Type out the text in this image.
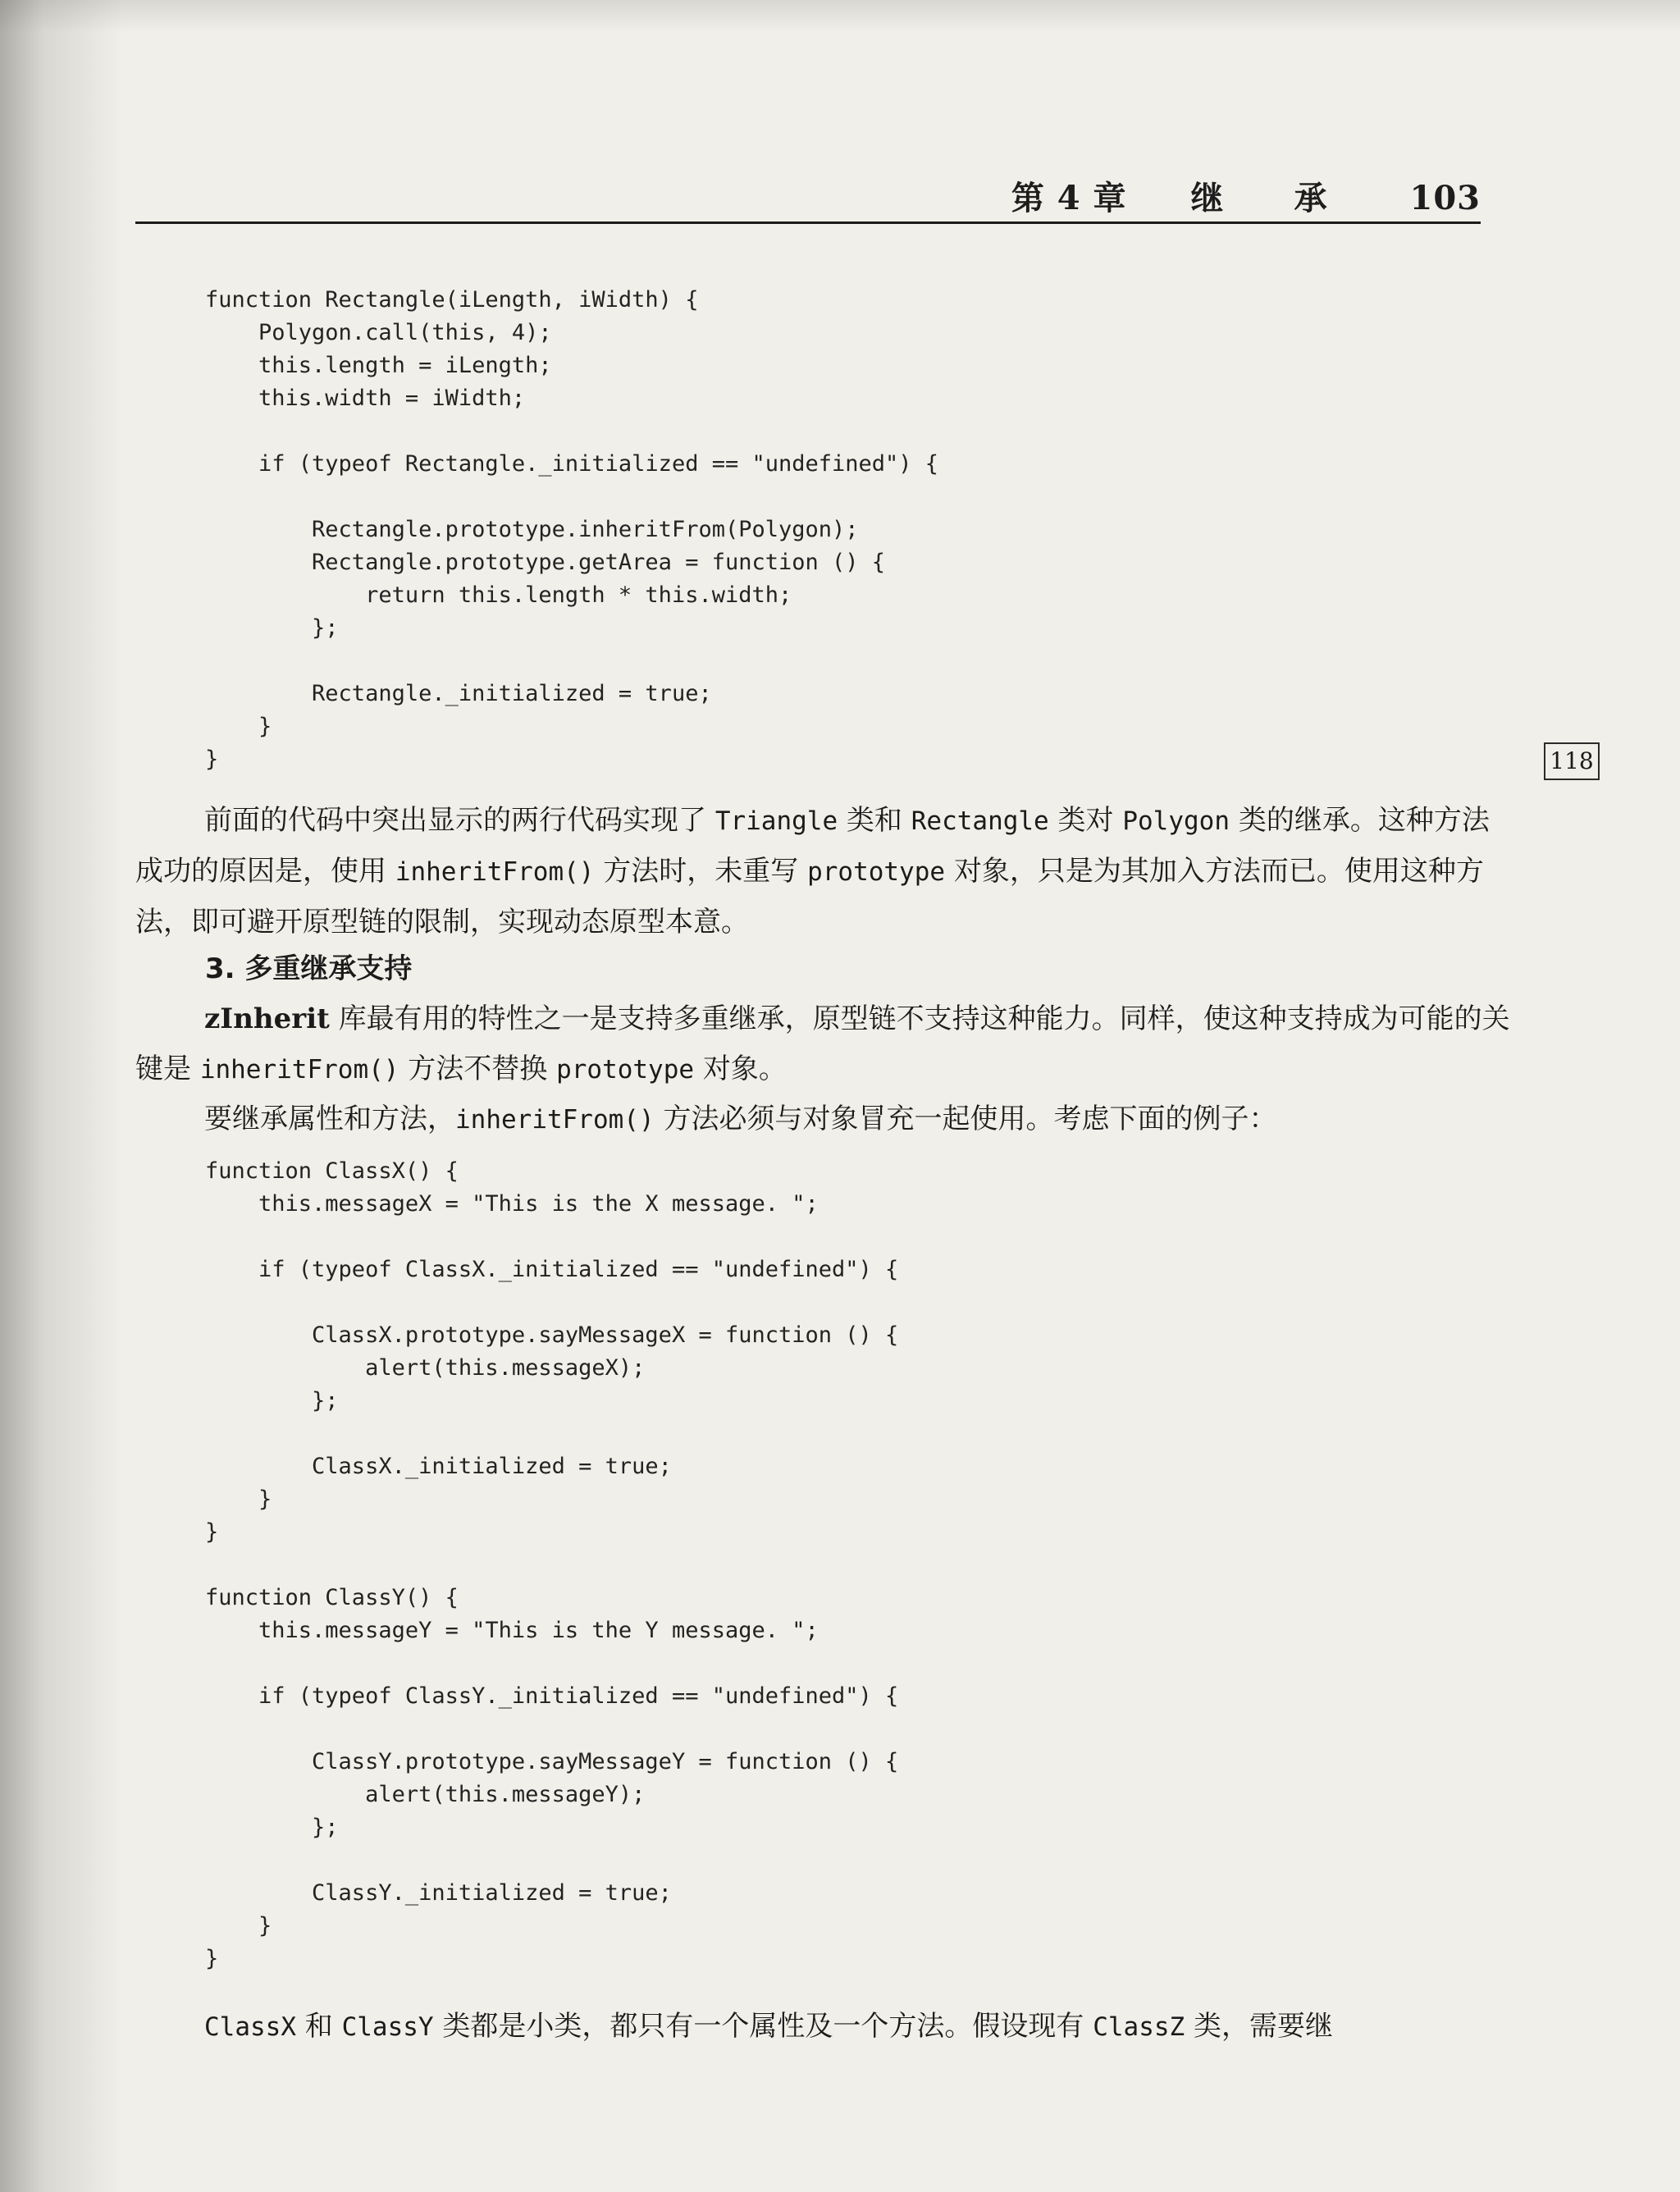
第 4 章 继 承	103
118
function Rectangle(iLength, iWidth) {
Polygon.call(this, 4);
this.length = iLength;
this.width = iWidth;
if (typeof Rectangle._initialized == "undefined") {
Rectangle.prototype.inheritFrom(Polygon);
Rectangle.prototype.getArea = function () {
return this.length * this.width;
};
Rectangle._initialized = true;
}
}

前面的代码中突出显示的两行代码实现了 Triangle 类和 Rectangle 类对 Polygon 类的继承。这种方法成功的原因是，使用 inheritFrom() 方法时，未重写 prototype 对象，只是为其加入方法而已。使用这种方法，即可避开原型链的限制，实现动态原型本意。

3. 多重继承支持

zInherit 库最有用的特性之一是支持多重继承，原型链不支持这种能力。同样，使这种支持成为可能的关键是 inheritFrom() 方法不替换 prototype 对象。

要继承属性和方法，inheritFrom() 方法必须与对象冒充一起使用。考虑下面的例子：

function ClassX() {
this.messageX = "This is the X message. ";
if (typeof ClassX._initialized == "undefined") {
ClassX.prototype.sayMessageX = function () {
alert(this.messageX);
};
ClassX._initialized = true;
}
}
function ClassY() {
this.messageY = "This is the Y message. ";
if (typeof ClassY._initialized == "undefined") {
ClassY.prototype.sayMessageY = function () {
alert(this.messageY);
};
ClassY._initialized = true;
}
}

ClassX 和 ClassY 类都是小类，都只有一个属性及一个方法。假设现有 ClassZ 类，需要继
